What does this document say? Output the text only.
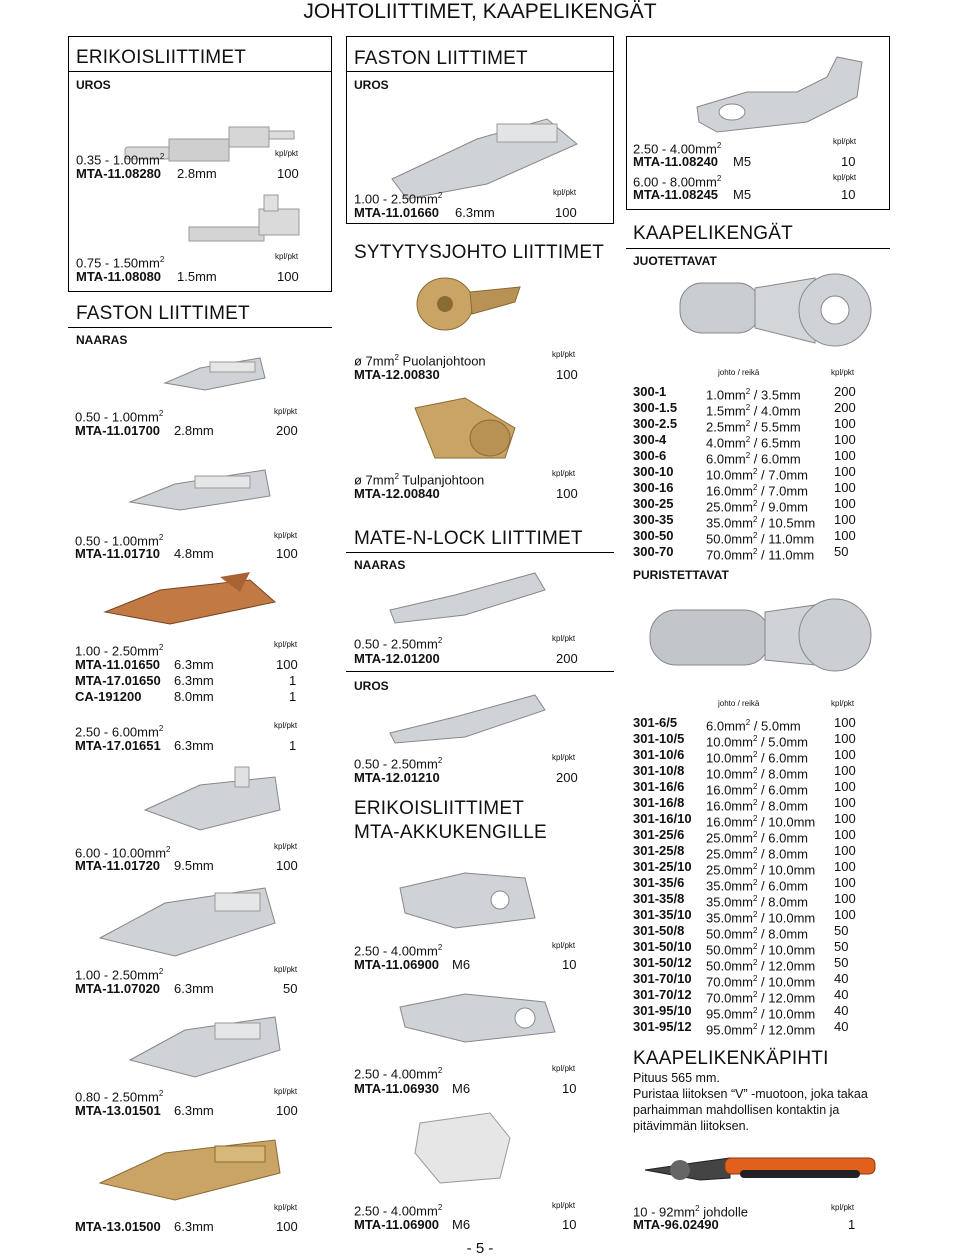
JOHTOLIITTIMET, KAAPELIKENGÄT
ERIKOISLIITTIMET
UROS
$0.35 - 1.00mm^2$	kpl/pkt
MTA-11.08280 2.8mm	100
$0.75 - 1.50mm^2$	kpl/pkt
MTA-11.08080 1.5mm	100
FASTON LIITTIMET
NAARAS
$0.50 - 1.00mm^2$	kpl/pkt
MTA-11.01700 2.8mm	200
$0.50 - 1.00mm^2$	kpl/pkt
MTA-11.01710 4.8mm	100
$1.00 - 2.50mm^2$	kpl/pkt
MTA-11.01650 6.3mm	100
MTA-17.01650 6.3mm	1
CA-191200	8.0mm	1
$2.50 - 6.00mm^2$	kpl/pkt
MTA-17.01651 6.3mm	1
$6.00 - 10.00mm^2$	kpl/pkt
MTA-11.01720 9.5mm	100
$1.00 - 2.50mm^2$	kpl/pkt
MTA-11.07020 6.3mm	50
$0.80 - 2.50mm^2$	kpl/pkt
MTA-13.01501 6.3mm	100
kpl/pkt
MTA-13.01500 6.3mm	100
FASTON LIITTIMET
UROS
$1.00 - 2.50mm^2$	kpl/pkt
MTA-11.01660 6.3mm	100
SYTYTYSJOHTO LIITTIMET
ø $7mm^2$ Puolanjohtoon	kpl/pkt
MTA-12.00830	100
ø $7mm^2$ Tulpanjohtoon	kpl/pkt
MTA-12.00840	100
MATE-N-LOCK LIITTIMET
NAARAS
$0.50 - 2.50mm^2$	kpl/pkt
MTA-12.01200	200
UROS
$0.50 - 2.50mm^2$	kpl/pkt
MTA-12.01210	200
ERIKOISLIITTIMET
MTA-AKKUKENGILLE
$2.50 - 4.00mm^2$	kpl/pkt
MTA-11.06900 M6	10
$2.50 - 4.00mm^2$	kpl/pkt
MTA-11.06930 M6	10
$2.50 - 4.00mm^2$	kpl/pkt
MTA-11.06900 M6	10
$2.50 - 4.00mm^2$	kpl/pkt
MTA-11.08240 M5	10
$6.00 - 8.00mm^2$	kpl/pkt
MTA-11.08245 M5	10
KAAPELIKENGÄT
JUOTETTAVAT
johto / reikä	kpl/pkt
300-1	$1.0mm^2 / 3.5mm$	200
300-1.5 $1.5mm^2 / 4.0mm$	200
300-2.5 $2.5mm^2 / 5.5mm$	100
300-4	$4.0mm^2 / 6.5mm$	100
300-6	$6.0mm^2 / 6.0mm$	100
300-10	$10.0mm^2 / 7.0mm$ 100
300-16	$16.0mm^2 / 7.0mm$ 100
300-25	$25.0mm^2 / 9.0mm$ 100
300-35	$35.0mm^2 / 10.5mm$ 100
300-50	$50.0mm^2 / 11.0mm$ 100
300-70	$70.0mm^2 / 11.0mm$ 50
PURISTETTAVAT
johto / reikä	kpl/pkt
301-6/5 $6.0mm^2 / 5.0mm$	100
301-10/5 $10.0mm^2 / 5.0mm$ 100
301-10/6 $10.0mm^2 / 6.0mm$ 100
301-10/8 $10.0mm^2 / 8.0mm$ 100
301-16/6 $16.0mm^2 / 6.0mm$ 100
301-16/8 $16.0mm^2 / 8.0mm$ 100
301-16/10 $16.0mm^2 / 10.0mm$ 100
301-25/6 $25.0mm^2 / 6.0mm$ 100
301-25/8 $25.0mm^2 / 8.0mm$ 100
301-25/10 $25.0mm^2 / 10.0mm$ 100
301-35/6 $35.0mm^2 / 6.0mm$ 100
301-35/8 $35.0mm^2 / 8.0mm$ 100
301-35/10 $35.0mm^2 / 10.0mm$ 100
301-50/8 $50.0mm^2 / 8.0mm$ 50
301-50/10 $50.0mm^2 / 10.0mm$ 50
301-50/12 $50.0mm^2 / 12.0mm$ 50
301-70/10 $70.0mm^2 / 10.0mm$ 40
301-70/12 $70.0mm^2 / 12.0mm$ 40
301-95/10 $95.0mm^2 / 10.0mm$ 40
301-95/12 $95.0mm^2 / 12.0mm$ 40
KAAPELIKENKÄPIHTI
Pituus 565 mm.
Puristaa liitoksen “V” -muotoon, joka takaa parhaimman mahdollisen kontaktin ja pitävimmän liitoksen.
$10 - 92mm^2$ johdolle	kpl/pkt
MTA-96.02490	1
- 5 -
